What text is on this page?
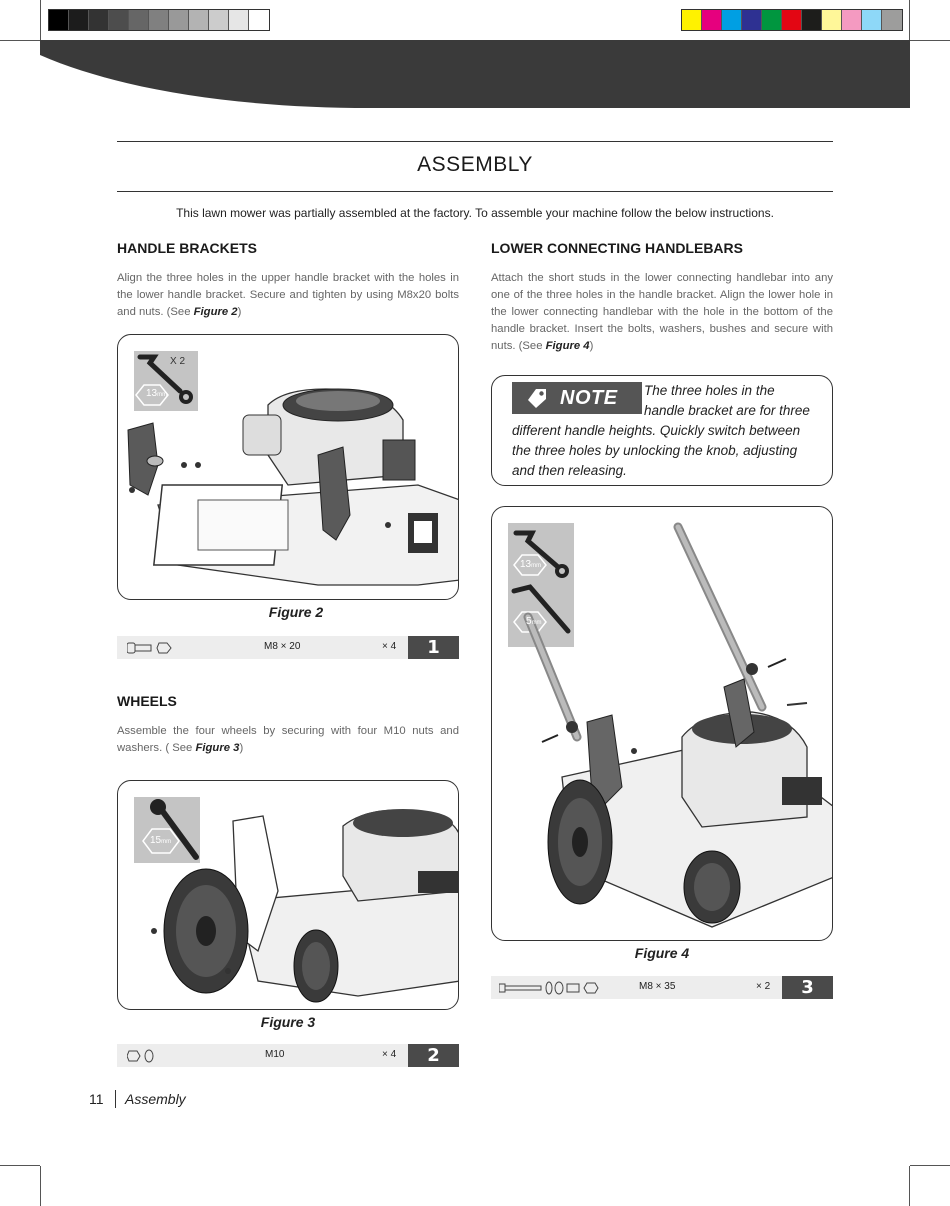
ASSEMBLY
This lawn mower was partially assembled at the factory. To assemble your machine follow the below instructions.
HANDLE BRACKETS
Align the three holes in the upper handle bracket with the holes in the lower handle bracket. Secure and tighten by using M8x20 bolts and nuts. (See Figure 2)
X 2
13mm
Figure 2
M8 × 20	× 4	1
WHEELS
Assemble the four wheels by securing with four M10 nuts and washers. ( See Figure 3)
15mm
Figure 3
M10	× 4	2
LOWER CONNECTING HANDLEBARS
Attach the short studs in the lower connecting handlebar into any one of the three holes in the handle bracket. Align the lower hole in the lower connecting handlebar with the hole in the bottom of the handle bracket. Insert the bolts, washers, bushes and secure with nuts. (See Figure 4)
NOTE	The three holes in the handle bracket are for three different handle heights. Quickly switch between the three holes by unlocking the knob, adjusting and then releasing.
13mm
5mm
Figure 4
M8 × 35	× 2	3
11 Assembly
